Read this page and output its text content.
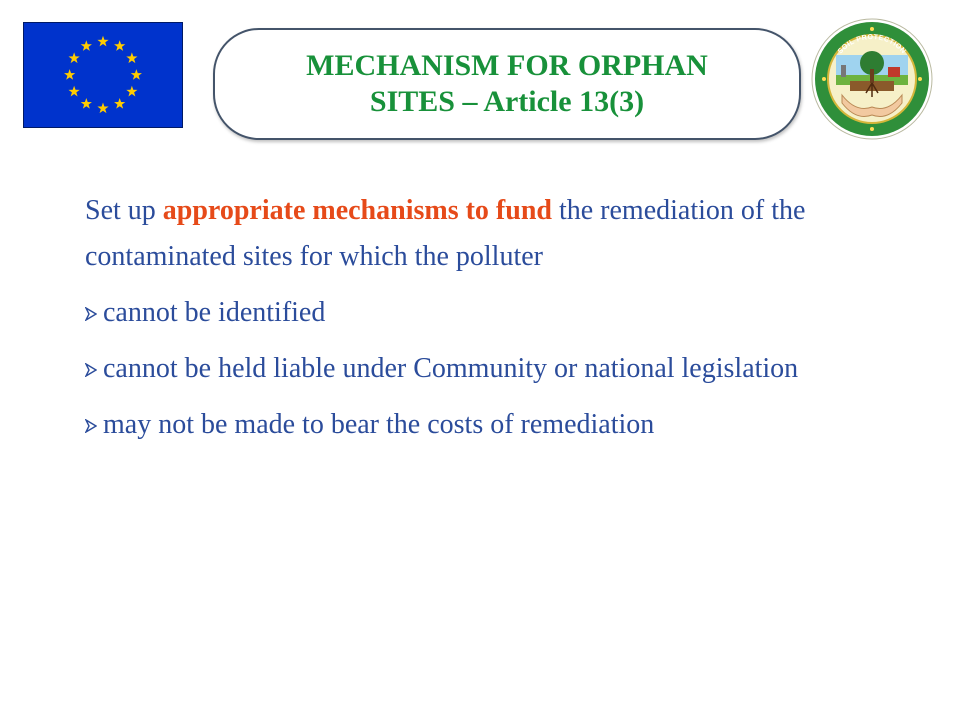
MECHANISM FOR ORPHAN
SITES – Article 13(3)
SOIL PROTECTION

Set up appropriate mechanisms to fund the remediation of the contaminated sites for which the polluter

cannot be identified

cannot be held liable under Community or national legislation

may not be made to bear the costs of remediation
